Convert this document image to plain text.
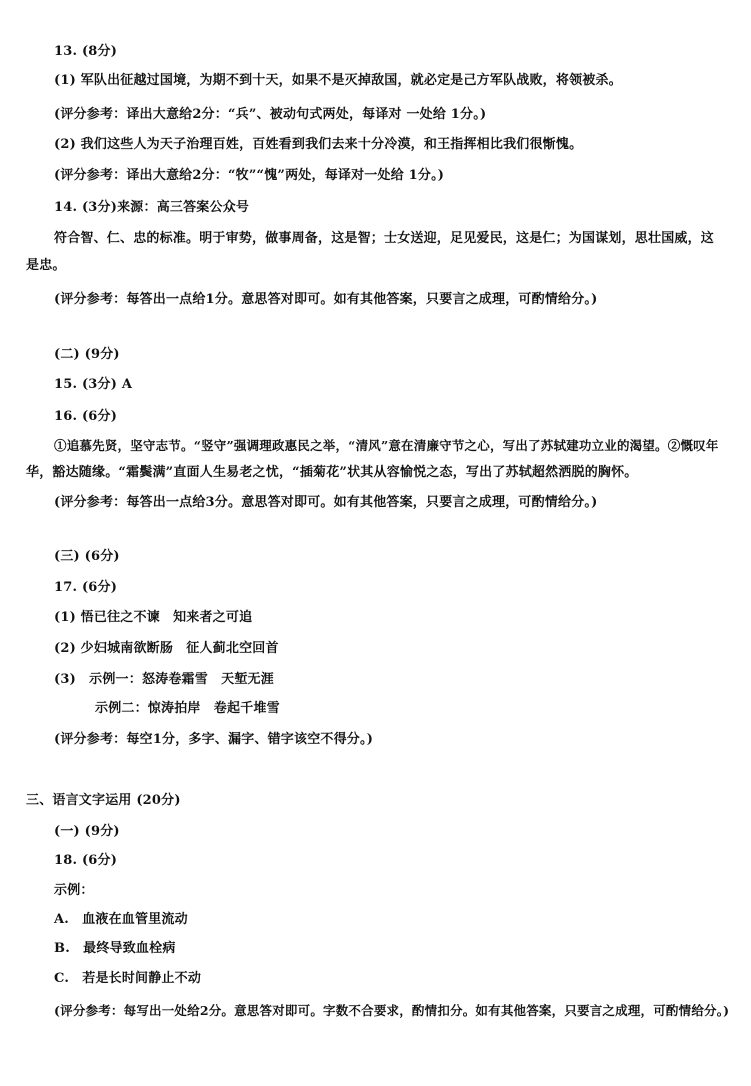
13. (8分)
(1) 军队出征越过国境，为期不到十天，如果不是灭掉敌国，就必定是己方军队战败，将领被杀。
(评分参考：译出大意给2分：“兵”、被动句式两处，每译对 一处给 1分。)
(2) 我们这些人为天子治理百姓，百姓看到我们去来十分冷漠，和王指挥相比我们很惭愧。
(评分参考：译出大意给2分：“牧”“愧”两处，每译对一处给 1分。)
14. (3分)来源：高三答案公众号
符合智、仁、忠的标准。明于审势，做事周备，这是智；士女送迎，足见爱民，这是仁；为国谋划，思壮国威，这
是忠。
(评分参考：每答出一点给1分。意思答对即可。如有其他答案，只要言之成理，可酌情给分。)
(二) (9分)
15. (3分) A
16. (6分)
①追慕先贤，坚守志节。“竖守”强调理政惠民之举，“清风”意在清廉守节之心，写出了苏轼建功立业的渴望。②慨叹年
华，豁达随缘。“霜鬓满”直面人生易老之忧，“插菊花”状其从容愉悦之态，写出了苏轼超然洒脱的胸怀。
(评分参考：每答出一点给3分。意思答对即可。如有其他答案，只要言之成理，可酌情给分。)
(三) (6分)
17. (6分)
(1) 悟已往之不谏　知来者之可追
(2) 少妇城南欲断肠　征人蓟北空回首
(3)　示例一：怒涛卷霜雪　天堑无涯
示例二：惊涛拍岸　卷起千堆雪
(评分参考：每空1分，多字、漏字、错字该空不得分。)
三、语言文字运用 (20分)
(一) (9分)
18. (6分)
示例：
A.　血液在血管里流动
B.　最终导致血栓病
C.　若是长时间静止不动
(评分参考：每写出一处给2分。意思答对即可。字数不合要求，酌情扣分。如有其他答案，只要言之成理，可酌情给分。)
